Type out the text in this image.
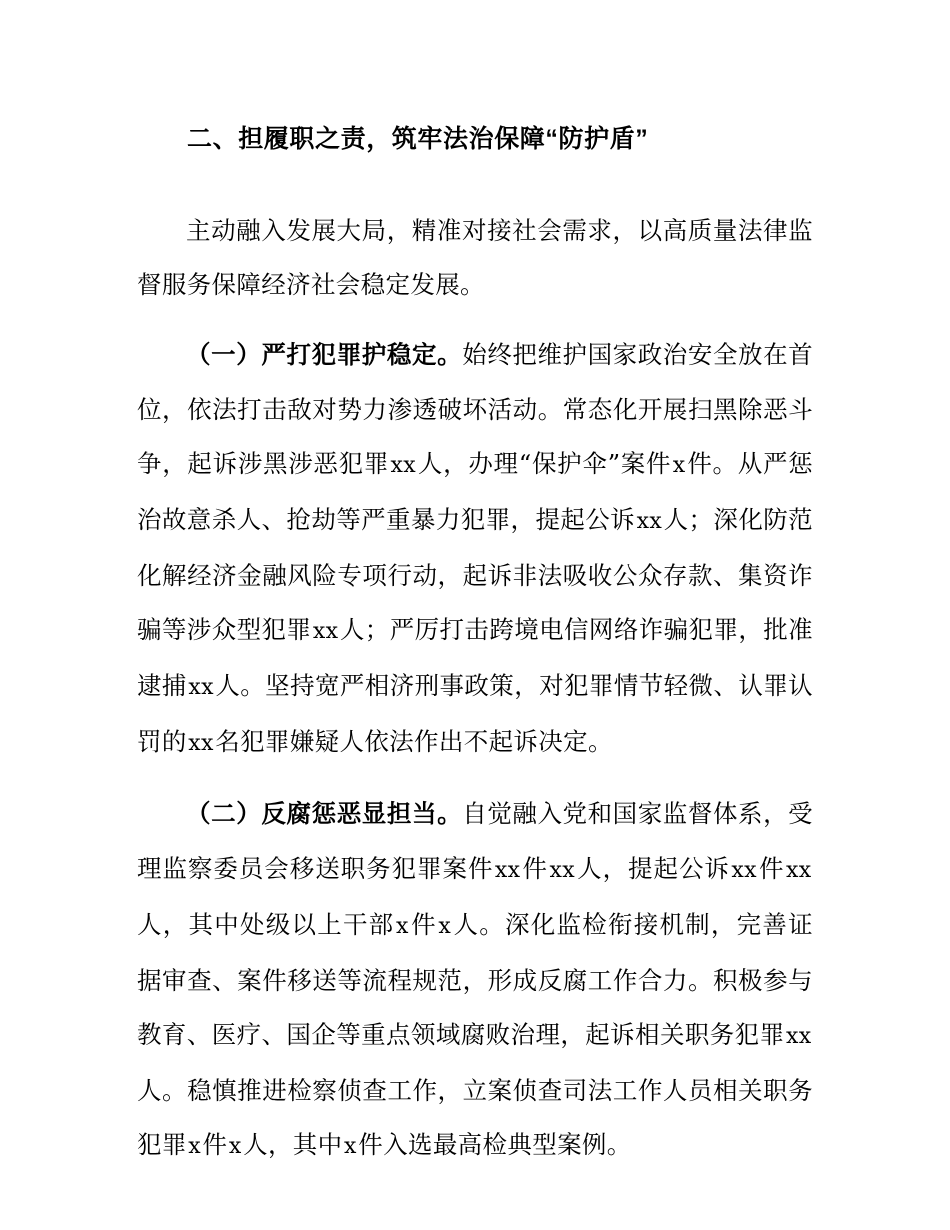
二、担履职之责，筑牢法治保障“防护盾”

主动融入发展大局，精准对接社会需求，以高质量法律监督服务保障经济社会稳定发展。

（一）严打犯罪护稳定。始终把维护国家政治安全放在首位，依法打击敌对势力渗透破坏活动。常态化开展扫黑除恶斗争，起诉涉黑涉恶犯罪xx人，办理“保护伞”案件x件。从严惩治故意杀人、抢劫等严重暴力犯罪，提起公诉xx人；深化防范化解经济金融风险专项行动，起诉非法吸收公众存款、集资诈骗等涉众型犯罪xx人；严厉打击跨境电信网络诈骗犯罪，批准逮捕xx人。坚持宽严相济刑事政策，对犯罪情节轻微、认罪认罚的xx名犯罪嫌疑人依法作出不起诉决定。

（二）反腐惩恶显担当。自觉融入党和国家监督体系，受理监察委员会移送职务犯罪案件xx件xx人，提起公诉xx件xx人，其中处级以上干部x件x人。深化监检衔接机制，完善证据审查、案件移送等流程规范，形成反腐工作合力。积极参与教育、医疗、国企等重点领域腐败治理，起诉相关职务犯罪xx人。稳慎推进检察侦查工作，立案侦查司法工作人员相关职务犯罪x件x人，其中x件入选最高检典型案例。
